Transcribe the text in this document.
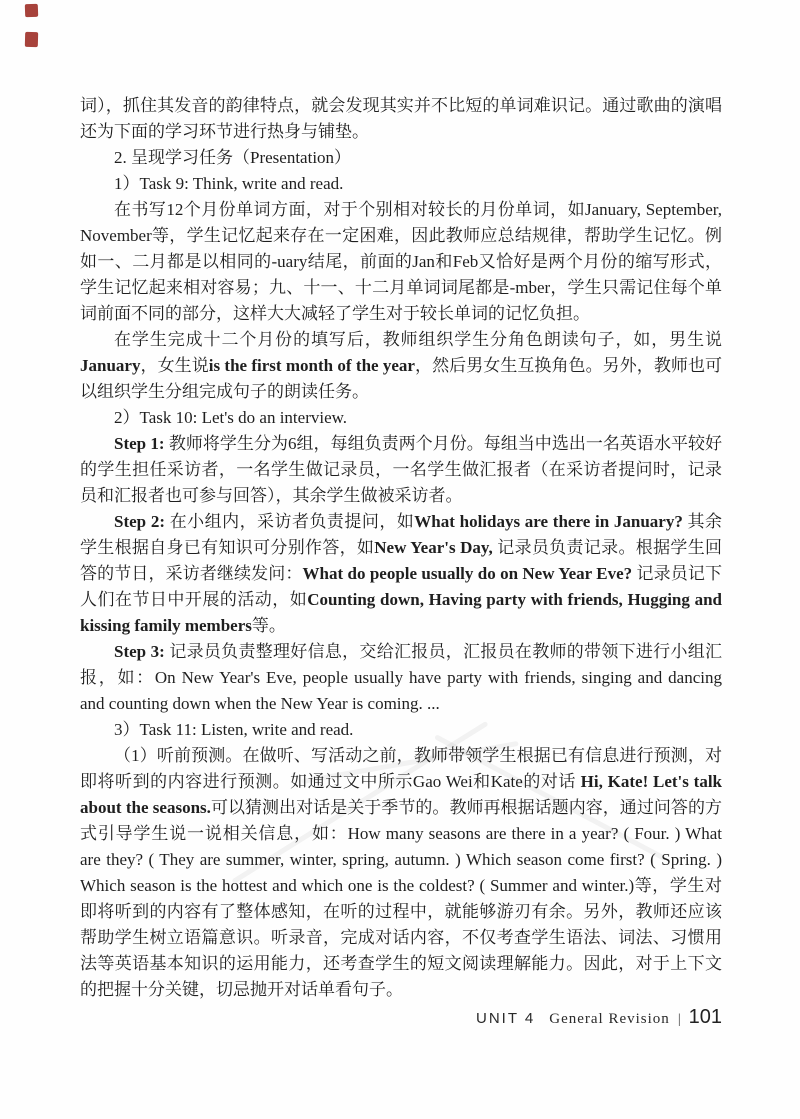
词），抓住其发音的韵律特点，就会发现其实并不比短的单词难识记。通过歌曲的演唱还为下面的学习环节进行热身与铺垫。

2. 呈现学习任务（Presentation）

1）Task 9: Think, write and read.

在书写12个月份单词方面，对于个别相对较长的月份单词，如January, September, November等，学生记忆起来存在一定困难，因此教师应总结规律，帮助学生记忆。例如一、二月都是以相同的-uary结尾，前面的Jan和Feb又恰好是两个月份的缩写形式，学生记忆起来相对容易；九、十一、十二月单词词尾都是-mber，学生只需记住每个单词前面不同的部分，这样大大减轻了学生对于较长单词的记忆负担。

在学生完成十二个月份的填写后，教师组织学生分角色朗读句子，如，男生说January，女生说is the first month of the year，然后男女生互换角色。另外，教师也可以组织学生分组完成句子的朗读任务。

2）Task 10: Let's do an interview.

Step 1: 教师将学生分为6组，每组负责两个月份。每组当中选出一名英语水平较好的学生担任采访者，一名学生做记录员，一名学生做汇报者（在采访者提问时，记录员和汇报者也可参与回答），其余学生做被采访者。

Step 2: 在小组内，采访者负责提问，如What holidays are there in January? 其余学生根据自身已有知识可分别作答，如New Year's Day, 记录员负责记录。根据学生回答的节日，采访者继续发问：What do people usually do on New Year Eve? 记录员记下人们在节日中开展的活动，如Counting down, Having party with friends, Hugging and kissing family members等。

Step 3: 记录员负责整理好信息，交给汇报员，汇报员在教师的带领下进行小组汇报，如：On New Year's Eve, people usually have party with friends, singing and dancing and counting down when the New Year is coming. ...

3）Task 11: Listen, write and read.

（1）听前预测。在做听、写活动之前，教师带领学生根据已有信息进行预测，对即将听到的内容进行预测。如通过文中所示Gao Wei和Kate的对话 Hi, Kate! Let's talk about the seasons.可以猜测出对话是关于季节的。教师再根据话题内容，通过问答的方式引导学生说一说相关信息，如：How many seasons are there in a year? ( Four. ) What are they? ( They are summer, winter, spring, autumn. ) Which season come first? ( Spring. ) Which season is the hottest and which one is the coldest? ( Summer and winter.)等，学生对即将听到的内容有了整体感知，在听的过程中，就能够游刃有余。另外，教师还应该帮助学生树立语篇意识。听录音，完成对话内容，不仅考查学生语法、词法、习惯用法等英语基本知识的运用能力，还考查学生的短文阅读理解能力。因此，对于上下文的把握十分关键，切忌抛开对话单看句子。

UNIT 4 General Revision | 101
